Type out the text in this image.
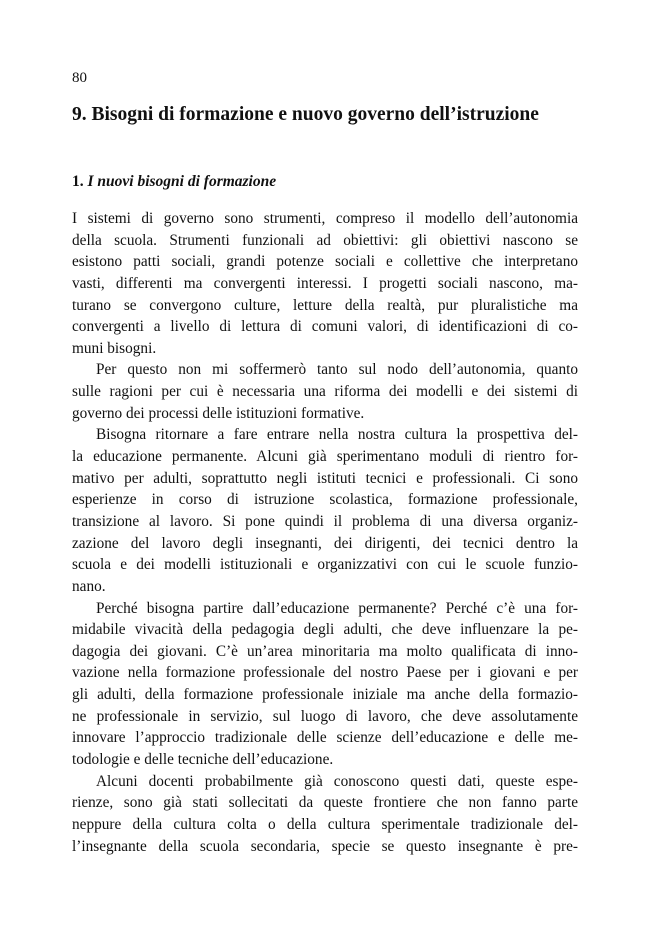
80
9. Bisogni di formazione e nuovo governo dell’istruzione
1. I nuovi bisogni di formazione
I sistemi di governo sono strumenti, compreso il modello dell’autonomia
della scuola. Strumenti funzionali ad obiettivi: gli obiettivi nascono se
esistono patti sociali, grandi potenze sociali e collettive che interpretano
vasti, differenti ma convergenti interessi. I progetti sociali nascono, ma-
turano se convergono culture, letture della realtà, pur pluralistiche ma
convergenti a livello di lettura di comuni valori, di identificazioni di co-
muni bisogni.
Per questo non mi soffermerò tanto sul nodo dell’autonomia, quanto
sulle ragioni per cui è necessaria una riforma dei modelli e dei sistemi di
governo dei processi delle istituzioni formative.
Bisogna ritornare a fare entrare nella nostra cultura la prospettiva del-
la educazione permanente. Alcuni già sperimentano moduli di rientro for-
mativo per adulti, soprattutto negli istituti tecnici e professionali. Ci sono
esperienze in corso di istruzione scolastica, formazione professionale,
transizione al lavoro. Si pone quindi il problema di una diversa organiz-
zazione del lavoro degli insegnanti, dei dirigenti, dei tecnici dentro la
scuola e dei modelli istituzionali e organizzativi con cui le scuole funzio-
nano.
Perché bisogna partire dall’educazione permanente? Perché c’è una for-
midabile vivacità della pedagogia degli adulti, che deve influenzare la pe-
dagogia dei giovani. C’è un’area minoritaria ma molto qualificata di inno-
vazione nella formazione professionale del nostro Paese per i giovani e per
gli adulti, della formazione professionale iniziale ma anche della formazio-
ne professionale in servizio, sul luogo di lavoro, che deve assolutamente
innovare l’approccio tradizionale delle scienze dell’educazione e delle me-
todologie e delle tecniche dell’educazione.
Alcuni docenti probabilmente già conoscono questi dati, queste espe-
rienze, sono già stati sollecitati da queste frontiere che non fanno parte
neppure della cultura colta o della cultura sperimentale tradizionale del-
l’insegnante della scuola secondaria, specie se questo insegnante è pre-
